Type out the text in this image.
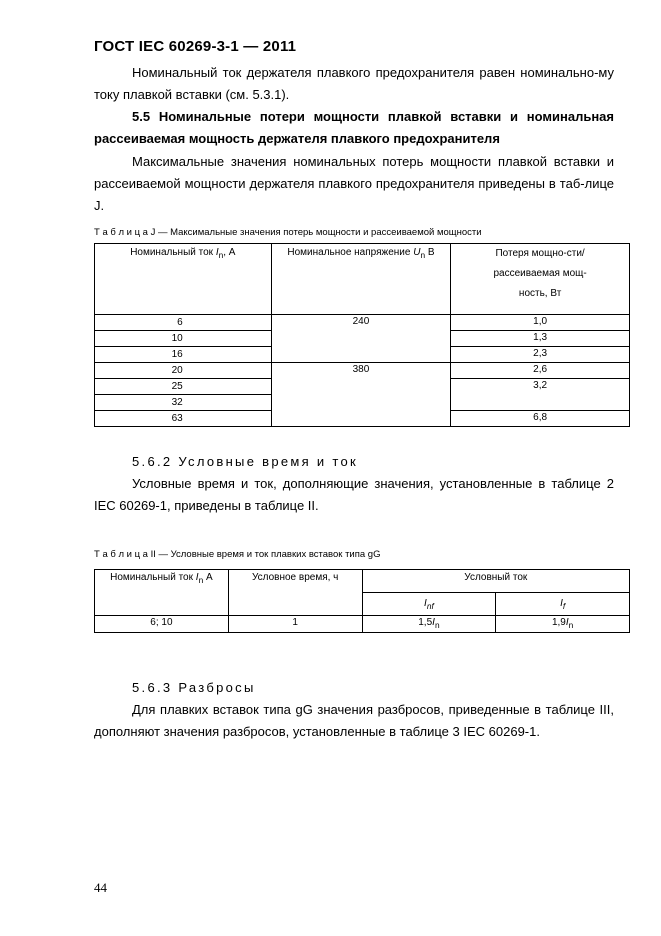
ГОСТ IEC 60269-3-1 — 2011
Номинальный ток держателя плавкого предохранителя равен номинально-му току плавкой вставки (см. 5.3.1).
5.5 Номинальные потери мощности плавкой вставки и номинальная рассеиваемая мощность держателя плавкого предохранителя
Максимальные значения номинальных потерь мощности плавкой вставки и рассеиваемой мощности держателя плавкого предохранителя приведены в таб-лице J.
Т а б л и ц а J — Максимальные значения потерь мощности и рассеиваемой мощности
Номинальный ток $I_n$, А	Номинальное напряжение $U_n$ В	Потеря мощно-сти/рассеиваемая мощ-ность, Вт

6	240	1,0
10		1,3
16		2,3
20	380	2,6
25		3,2
32		
63		6,8
5.6.2 Условные время и ток
Условные время и ток, дополняющие значения, установленные в таблице 2 IEC 60269-1, приведены в таблице II.
Т а б л и ц а II — Условные время и ток плавких вставок типа gG
Номинальный ток $I_n$ А	Условное время, ч	Условный ток	
		$I_{nf}$	$I_f$
6; 10	1	$1,5I_n$	$1,9I_n$
5.6.3 Разбросы
Для плавких вставок типа gG значения разбросов, приведенные в таблице III, дополняют значения разбросов, установленные в таблице 3 IEC 60269-1.
44
